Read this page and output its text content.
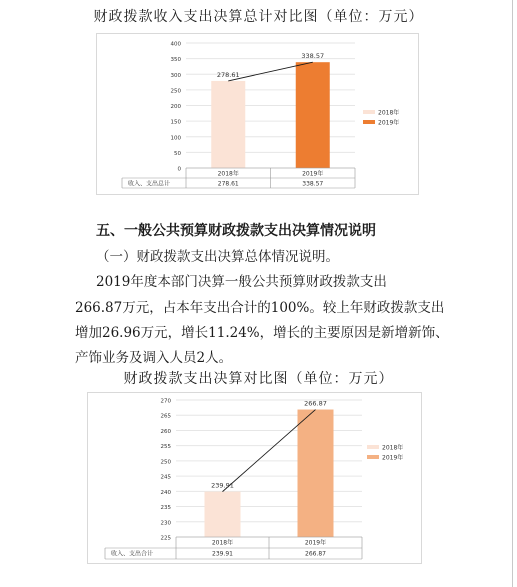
财政拨款收入支出决算总计对比图（单位：万元）
0
50
100
150
200
250
300
350
400
278.61
338.57
2018年
278.61
2019年
338.57
收入、支出总计
2018年
2019年
五、一般公共预算财政拨款支出决算情况说明
（一）财政拨款支出决算总体情况说明。
2019年度本部门决算一般公共预算财政拨款支出
266.87万元，占本年支出合计的100%。较上年财政拨款支出
增加26.96万元，增长11.24%，增长的主要原因是新增新饰、
产饰业务及调入人员2人。
财政拨款支出决算对比图（单位：万元）
225
230
235
240
245
250
255
260
265
270
239.91
266.87
2018年
239.91
2019年
266.87
收入、支出合计
2018年
2019年
